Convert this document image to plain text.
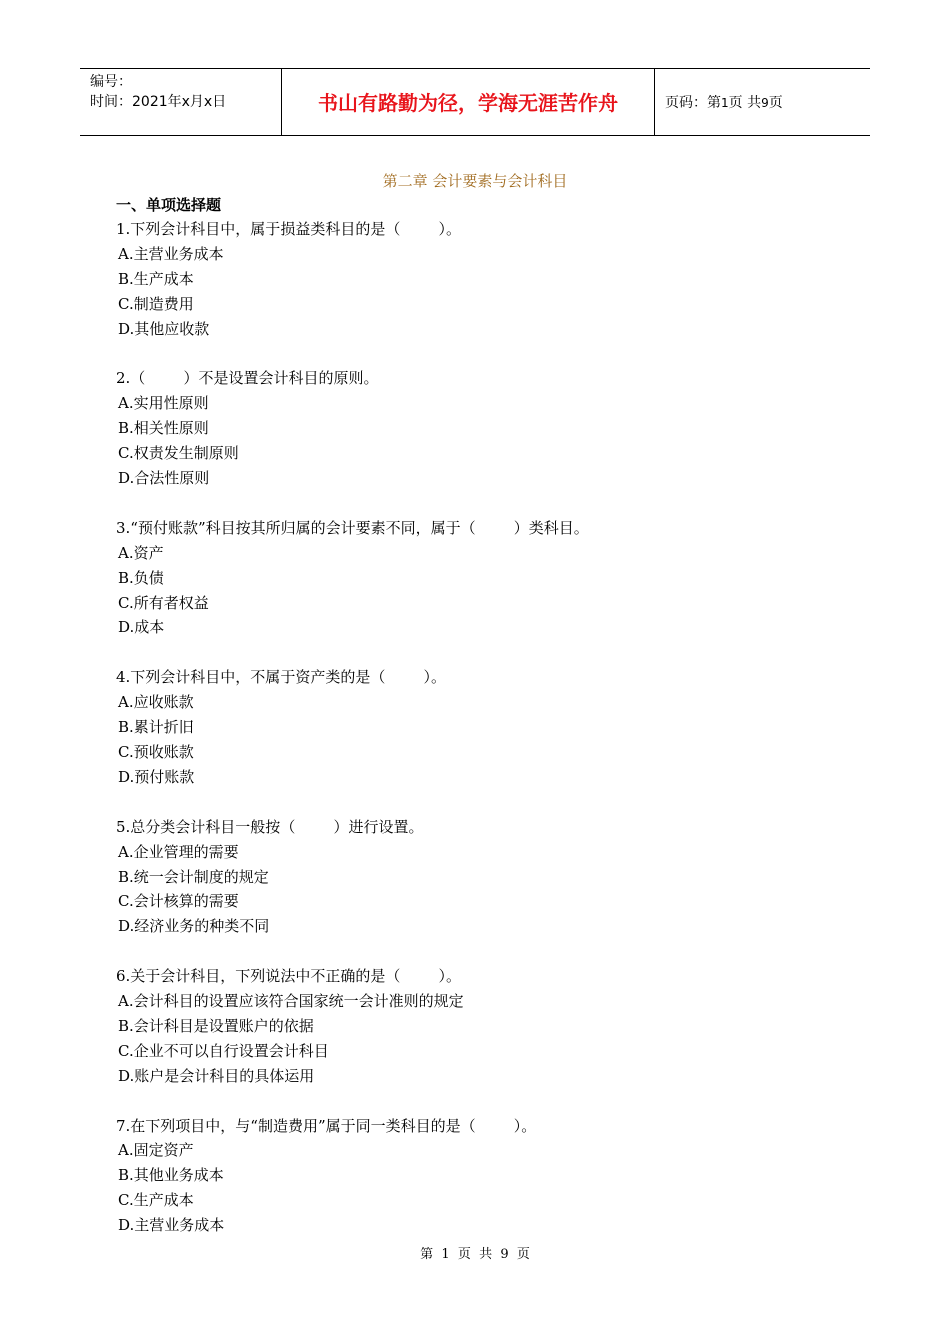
编号：
时间：2021年x月x日	书山有路勤为径，学海无涯苦作舟	页码：第1页 共9页
第二章 会计要素与会计科目
一、单项选择题
1.下列会计科目中，属于损益类科目的是（        ）。
A.主营业务成本
B.生产成本
C.制造费用
D.其他应收款
2.（        ）不是设置会计科目的原则。
A.实用性原则
B.相关性原则
C.权责发生制原则
D.合法性原则
3.“预付账款”科目按其所归属的会计要素不同，属于（        ）类科目。
A.资产
B.负债
C.所有者权益
D.成本
4.下列会计科目中，不属于资产类的是（        ）。
A.应收账款
B.累计折旧
C.预收账款
D.预付账款
5.总分类会计科目一般按（        ）进行设置。
A.企业管理的需要
B.统一会计制度的规定
C.会计核算的需要
D.经济业务的种类不同
6.关于会计科目，下列说法中不正确的是（        ）。
A.会计科目的设置应该符合国家统一会计准则的规定
B.会计科目是设置账户的依据
C.企业不可以自行设置会计科目
D.账户是会计科目的具体运用
7.在下列项目中，与“制造费用”属于同一类科目的是（        ）。
A.固定资产
B.其他业务成本
C.生产成本
D.主营业务成本
第  1  页  共  9  页
